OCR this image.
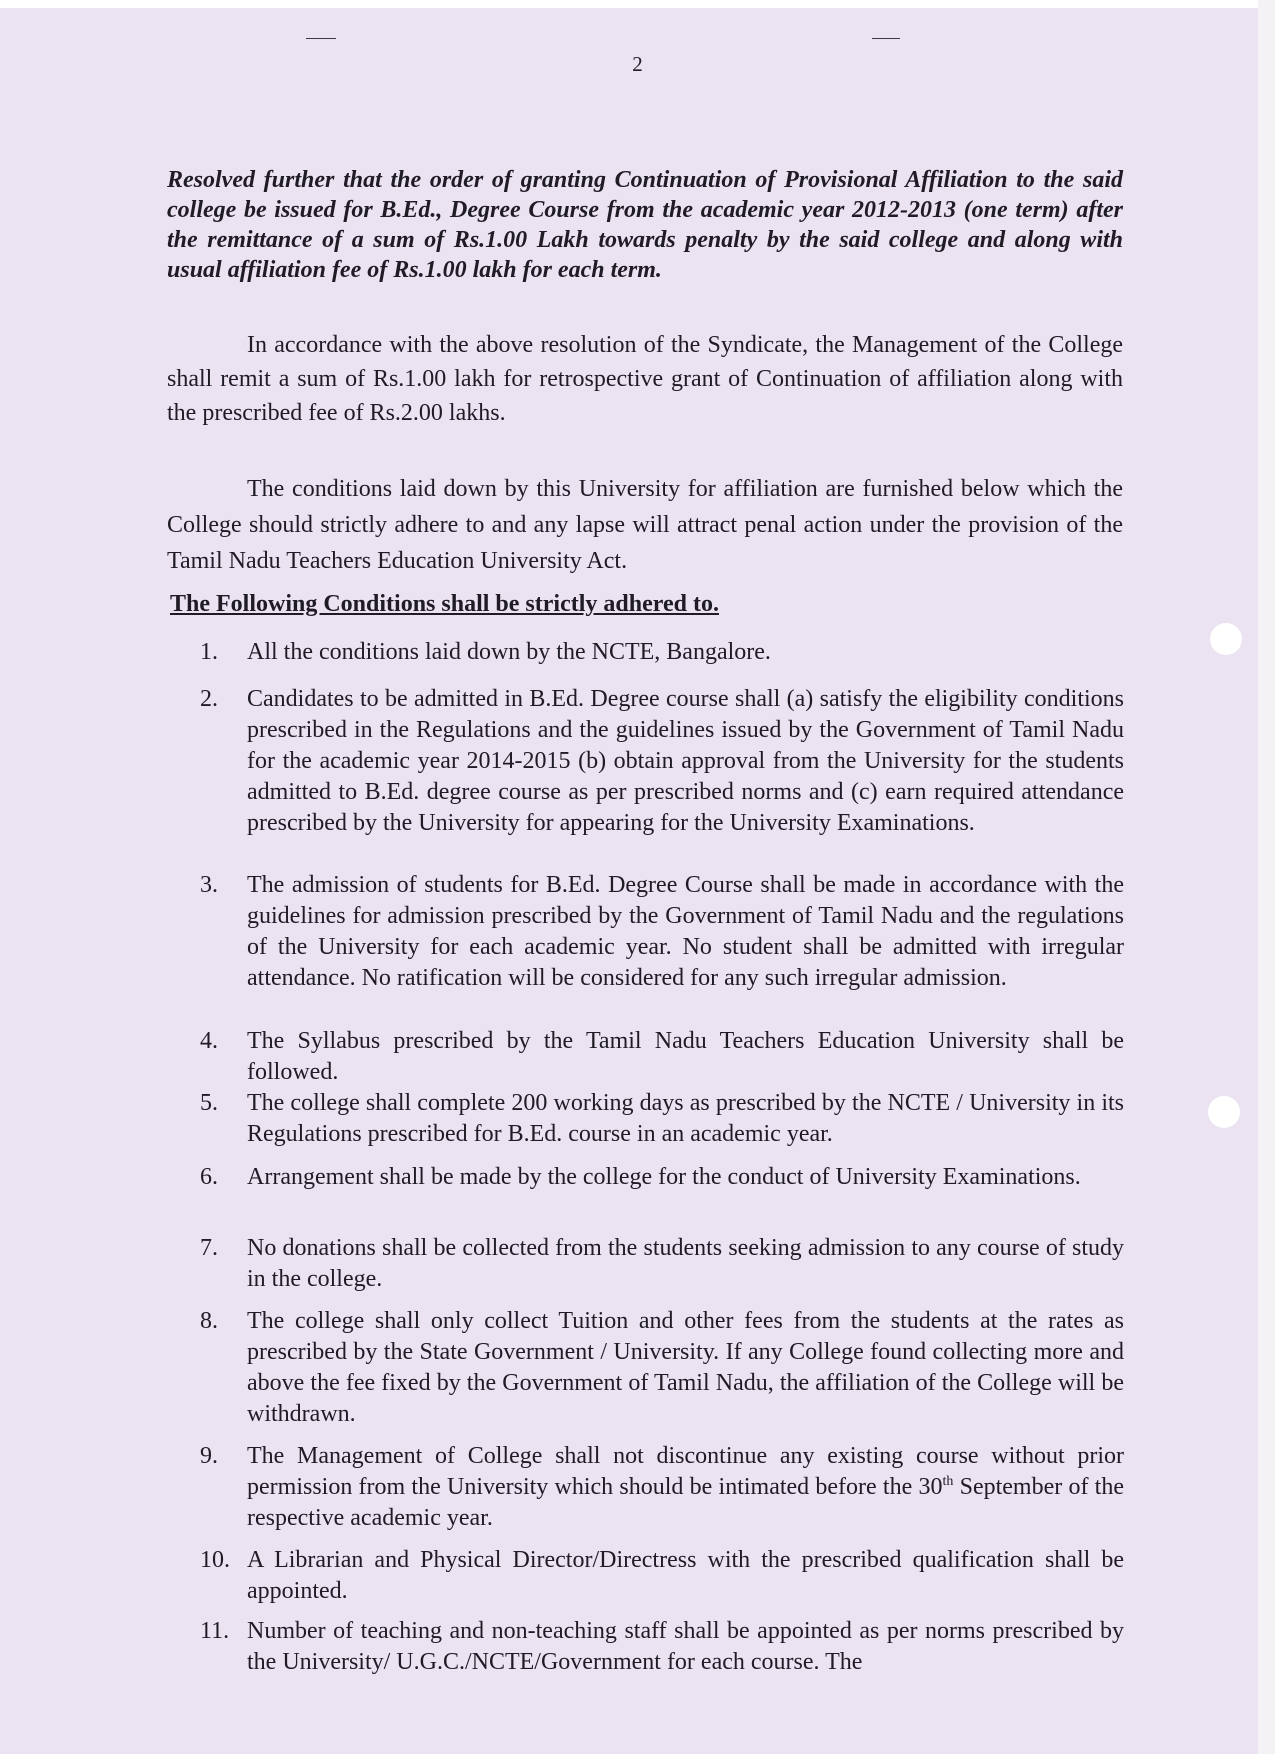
2

Resolved further that the order of granting Continuation of Provisional Affiliation to the said college be issued for B.Ed., Degree Course from the academic year 2012-2013 (one term) after the remittance of a sum of Rs.1.00 Lakh towards penalty by the said college and along with usual affiliation fee of Rs.1.00 lakh for each term.

In accordance with the above resolution of the Syndicate, the Management of the College shall remit a sum of Rs.1.00 lakh for retrospective grant of Continuation of affiliation along with the prescribed fee of Rs.2.00 lakhs.

The conditions laid down by this University for affiliation are furnished below which the College should strictly adhere to and any lapse will attract penal action under the provision of the Tamil Nadu Teachers Education University Act.

The Following Conditions shall be strictly adhered to.
1. All the conditions laid down by the NCTE, Bangalore.
2. Candidates to be admitted in B.Ed. Degree course shall (a) satisfy the eligibility conditions prescribed in the Regulations and the guidelines issued by the Government of Tamil Nadu for the academic year 2014-2015 (b) obtain approval from the University for the students admitted to B.Ed. degree course as per prescribed norms and (c) earn required attendance prescribed by the University for appearing for the University Examinations.
3. The admission of students for B.Ed. Degree Course shall be made in accordance with the guidelines for admission prescribed by the Government of Tamil Nadu and the regulations of the University for each academic year. No student shall be admitted with irregular attendance. No ratification will be considered for any such irregular admission.
4. The Syllabus prescribed by the Tamil Nadu Teachers Education University shall be followed.
5. The college shall complete 200 working days as prescribed by the NCTE / University in its Regulations prescribed for B.Ed. course in an academic year.
6. Arrangement shall be made by the college for the conduct of University Examinations.
7. No donations shall be collected from the students seeking admission to any course of study in the college.
8. The college shall only collect Tuition and other fees from the students at the rates as prescribed by the State Government / University. If any College found collecting more and above the fee fixed by the Government of Tamil Nadu, the affiliation of the College will be withdrawn.
9. The Management of College shall not discontinue any existing course without prior permission from the University which should be intimated before the 30th September of the respective academic year.
10. A Librarian and Physical Director/Directress with the prescribed qualification shall be appointed.
11. Number of teaching and non-teaching staff shall be appointed as per norms prescribed by the University/ U.G.C./NCTE/Government for each course. The
